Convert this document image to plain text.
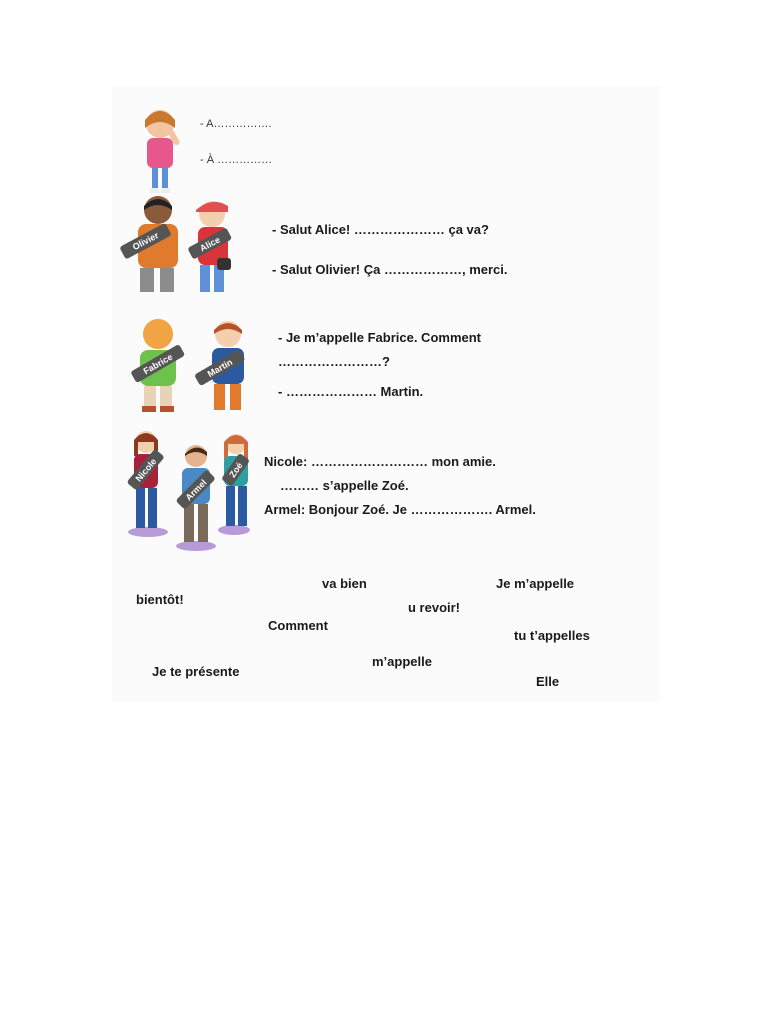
- A…………….
- À ……………
Olivier	Alice
- Salut Alice! ………………… ça va?
- Salut Olivier! Ça ………………, merci.
Fabrice	Martin
- Je m’appelle Fabrice. Comment
……………………?
- ………………… Martin.
Nicole
Armel
Zoé Nicole: ……………………… mon amie.
……… s’appelle Zoé.
Armel: Bonjour Zoé. Je ………………. Armel.
va bien	Je m’appelle
bientôt!
u revoir!
Comment
tu t’appelles
Je te présente
m’appelle
Elle
